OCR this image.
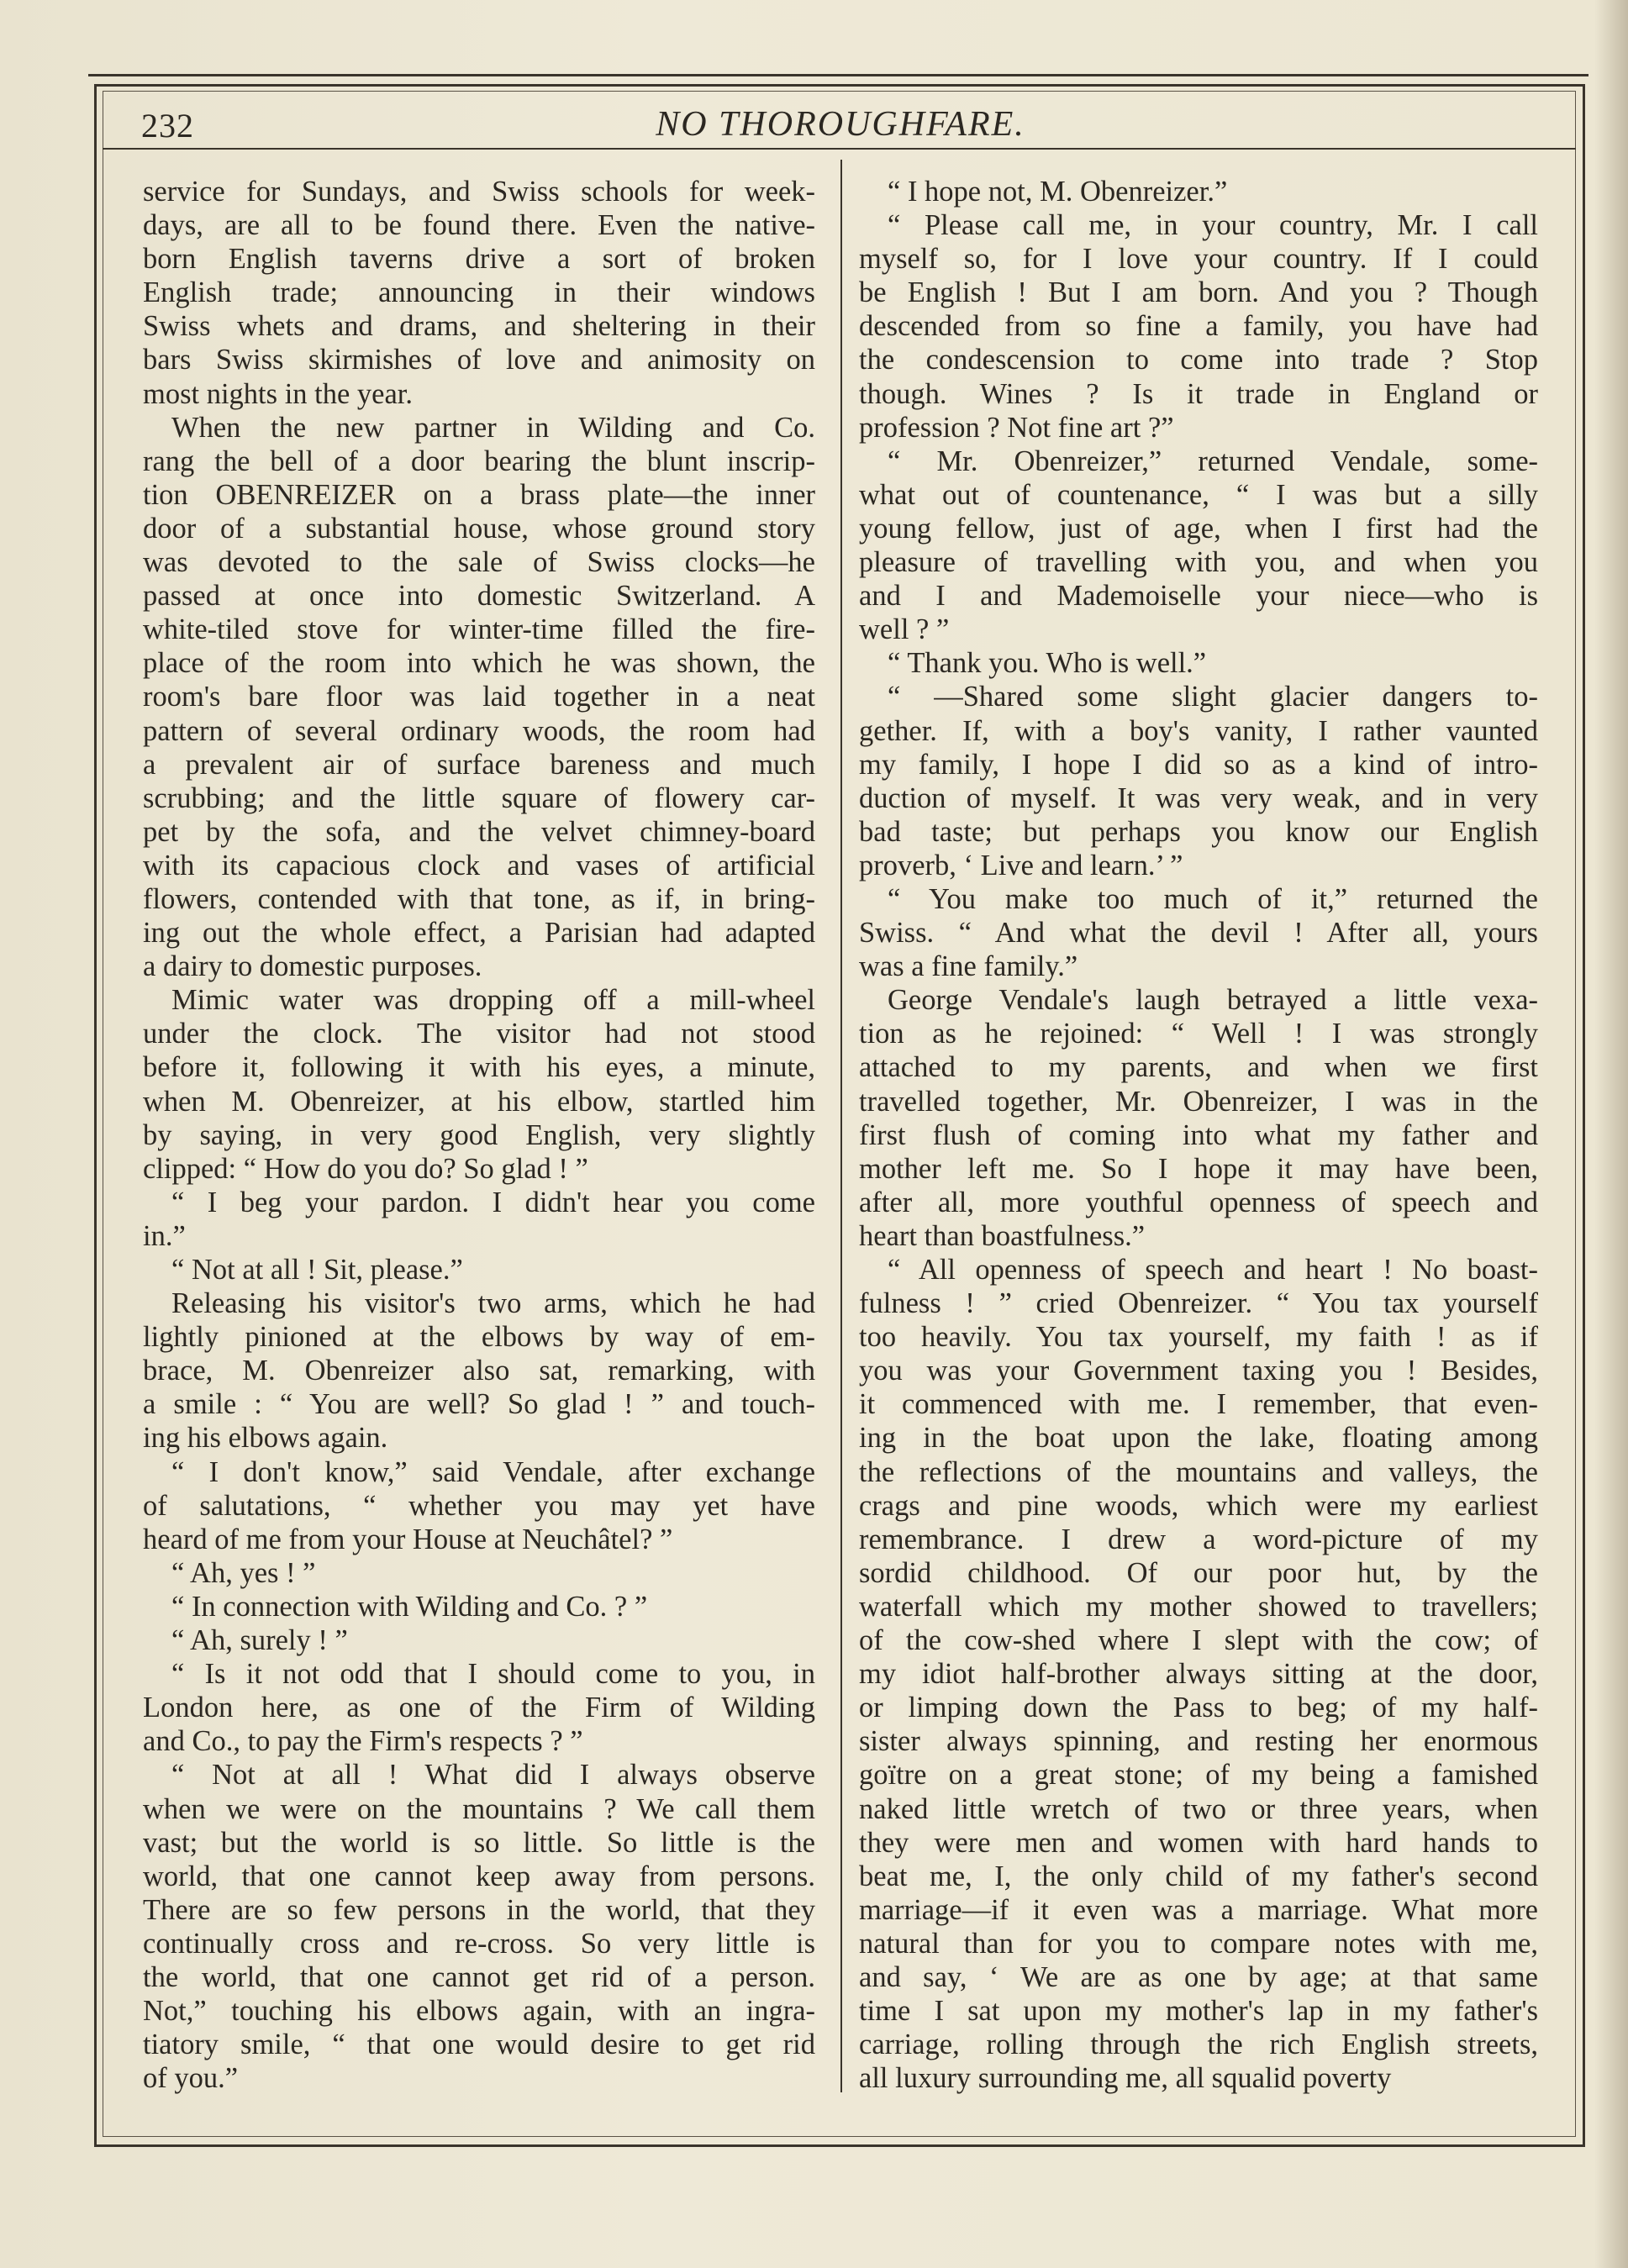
232	NO THOROUGHFARE.
service for Sundays, and Swiss schools for week-
days, are all to be found there. Even the native-
born English taverns drive a sort of broken
English trade; announcing in their windows
Swiss whets and drams, and sheltering in their
bars Swiss skirmishes of love and animosity on
most nights in the year.
When the new partner in Wilding and Co.
rang the bell of a door bearing the blunt inscrip-
tion OBENREIZER on a brass plate—the inner
door of a substantial house, whose ground story
was devoted to the sale of Swiss clocks—he
passed at once into domestic Switzerland. A
white-tiled stove for winter-time filled the fire-
place of the room into which he was shown, the
room's bare floor was laid together in a neat
pattern of several ordinary woods, the room had
a prevalent air of surface bareness and much
scrubbing; and the little square of flowery car-
pet by the sofa, and the velvet chimney-board
with its capacious clock and vases of artificial
flowers, contended with that tone, as if, in bring-
ing out the whole effect, a Parisian had adapted
a dairy to domestic purposes.
Mimic water was dropping off a mill-wheel
under the clock. The visitor had not stood
before it, following it with his eyes, a minute,
when M. Obenreizer, at his elbow, startled him
by saying, in very good English, very slightly
clipped: “ How do you do? So glad ! ”
“ I beg your pardon. I didn't hear you come
in.”
“ Not at all ! Sit, please.”
Releasing his visitor's two arms, which he had
lightly pinioned at the elbows by way of em-
brace, M. Obenreizer also sat, remarking, with
a smile : “ You are well? So glad ! ” and touch-
ing his elbows again.
“ I don't know,” said Vendale, after exchange
of salutations, “ whether you may yet have
heard of me from your House at Neuchâtel? ”
“ Ah, yes ! ”
“ In connection with Wilding and Co. ? ”
“ Ah, surely ! ”
“ Is it not odd that I should come to you, in
London here, as one of the Firm of Wilding
and Co., to pay the Firm's respects ? ”
“ Not at all ! What did I always observe
when we were on the mountains ? We call them
vast; but the world is so little. So little is the
world, that one cannot keep away from persons.
There are so few persons in the world, that they
continually cross and re-cross. So very little is
the world, that one cannot get rid of a person.
Not,” touching his elbows again, with an ingra-
tiatory smile, “ that one would desire to get rid
of you.”
“ I hope not, M. Obenreizer.”
“ Please call me, in your country, Mr. I call
myself so, for I love your country. If I could
be English ! But I am born. And you ? Though
descended from so fine a family, you have had
the condescension to come into trade ? Stop
though. Wines ? Is it trade in England or
profession ? Not fine art ?”
“ Mr. Obenreizer,” returned Vendale, some-
what out of countenance, “ I was but a silly
young fellow, just of age, when I first had the
pleasure of travelling with you, and when you
and I and Mademoiselle your niece—who is
well ? ”
“ Thank you. Who is well.”
“ —Shared some slight glacier dangers to-
gether. If, with a boy's vanity, I rather vaunted
my family, I hope I did so as a kind of intro-
duction of myself. It was very weak, and in very
bad taste; but perhaps you know our English
proverb, ‘ Live and learn.’ ”
“ You make too much of it,” returned the
Swiss. “ And what the devil ! After all, yours
was a fine family.”
George Vendale's laugh betrayed a little vexa-
tion as he rejoined: “ Well ! I was strongly
attached to my parents, and when we first
travelled together, Mr. Obenreizer, I was in the
first flush of coming into what my father and
mother left me. So I hope it may have been,
after all, more youthful openness of speech and
heart than boastfulness.”
“ All openness of speech and heart ! No boast-
fulness ! ” cried Obenreizer. “ You tax yourself
too heavily. You tax yourself, my faith ! as if
you was your Government taxing you ! Besides,
it commenced with me. I remember, that even-
ing in the boat upon the lake, floating among
the reflections of the mountains and valleys, the
crags and pine woods, which were my earliest
remembrance. I drew a word-picture of my
sordid childhood. Of our poor hut, by the
waterfall which my mother showed to travellers;
of the cow-shed where I slept with the cow; of
my idiot half-brother always sitting at the door,
or limping down the Pass to beg; of my half-
sister always spinning, and resting her enormous
goïtre on a great stone; of my being a famished
naked little wretch of two or three years, when
they were men and women with hard hands to
beat me, I, the only child of my father's second
marriage—if it even was a marriage. What more
natural than for you to compare notes with me,
and say, ‘ We are as one by age; at that same
time I sat upon my mother's lap in my father's
carriage, rolling through the rich English streets,
all luxury surrounding me, all squalid poverty
